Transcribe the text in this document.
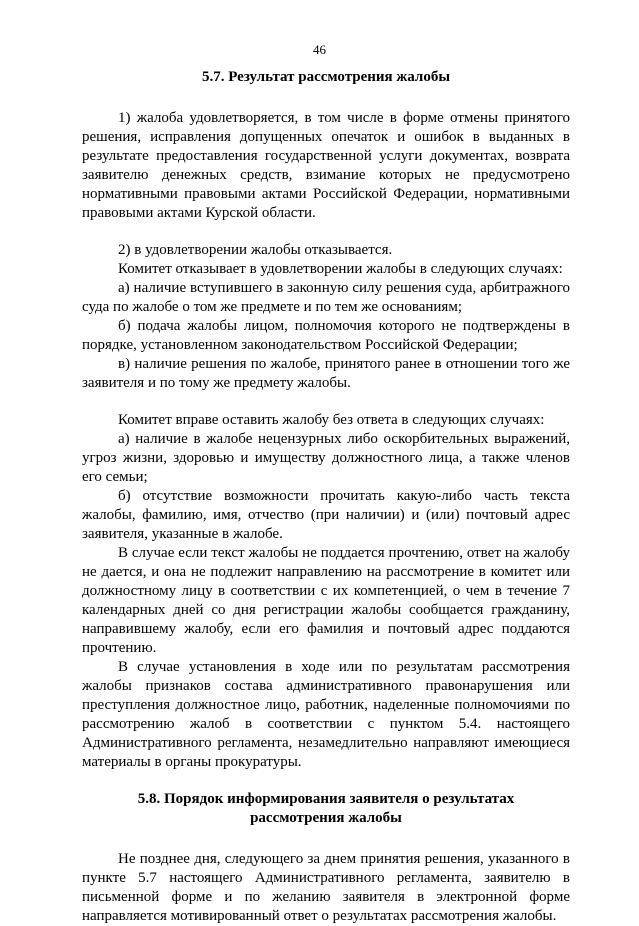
46
5.7. Результат рассмотрения жалобы

1) жалоба удовлетворяется, в том числе в форме отмены принятого решения, исправления допущенных опечаток и ошибок в выданных в результате предоставления государственной услуги документах, возврата заявителю денежных средств, взимание которых не предусмотрено нормативными правовыми актами Российской Федерации, нормативными правовыми актами Курской области.

2) в удовлетворении жалобы отказывается.

Комитет отказывает в удовлетворении жалобы в следующих случаях:

а) наличие вступившего в законную силу решения суда, арбитражного суда по жалобе о том же предмете и по тем же основаниям;

б) подача жалобы лицом, полномочия которого не подтверждены в порядке, установленном законодательством Российской Федерации;

в) наличие решения по жалобе, принятого ранее в отношении того же заявителя и по тому же предмету жалобы.

Комитет вправе оставить жалобу без ответа в следующих случаях:

а) наличие в жалобе нецензурных либо оскорбительных выражений, угроз жизни, здоровью и имуществу должностного лица, а также членов его семьи;

б) отсутствие возможности прочитать какую-либо часть текста жалобы, фамилию, имя, отчество (при наличии) и (или) почтовый адрес заявителя, указанные в жалобе.

В случае если текст жалобы не поддается прочтению, ответ на жалобу не дается, и она не подлежит направлению на рассмотрение в комитет или должностному лицу в соответствии с их компетенцией, о чем в течение 7 календарных дней со дня регистрации жалобы сообщается гражданину, направившему жалобу, если его фамилия и почтовый адрес поддаются прочтению.

В случае установления в ходе или по результатам рассмотрения жалобы признаков состава административного правонарушения или преступления должностное лицо, работник, наделенные полномочиями по рассмотрению жалоб в соответствии с пунктом 5.4. настоящего Административного регламента, незамедлительно направляют имеющиеся материалы в органы прокуратуры.

5.8. Порядок информирования заявителя о результатах
рассмотрения жалобы

Не позднее дня, следующего за днем принятия решения, указанного в пункте 5.7 настоящего Административного регламента, заявителю в письменной форме и по желанию заявителя в электронной форме направляется мотивированный ответ о результатах рассмотрения жалобы.
